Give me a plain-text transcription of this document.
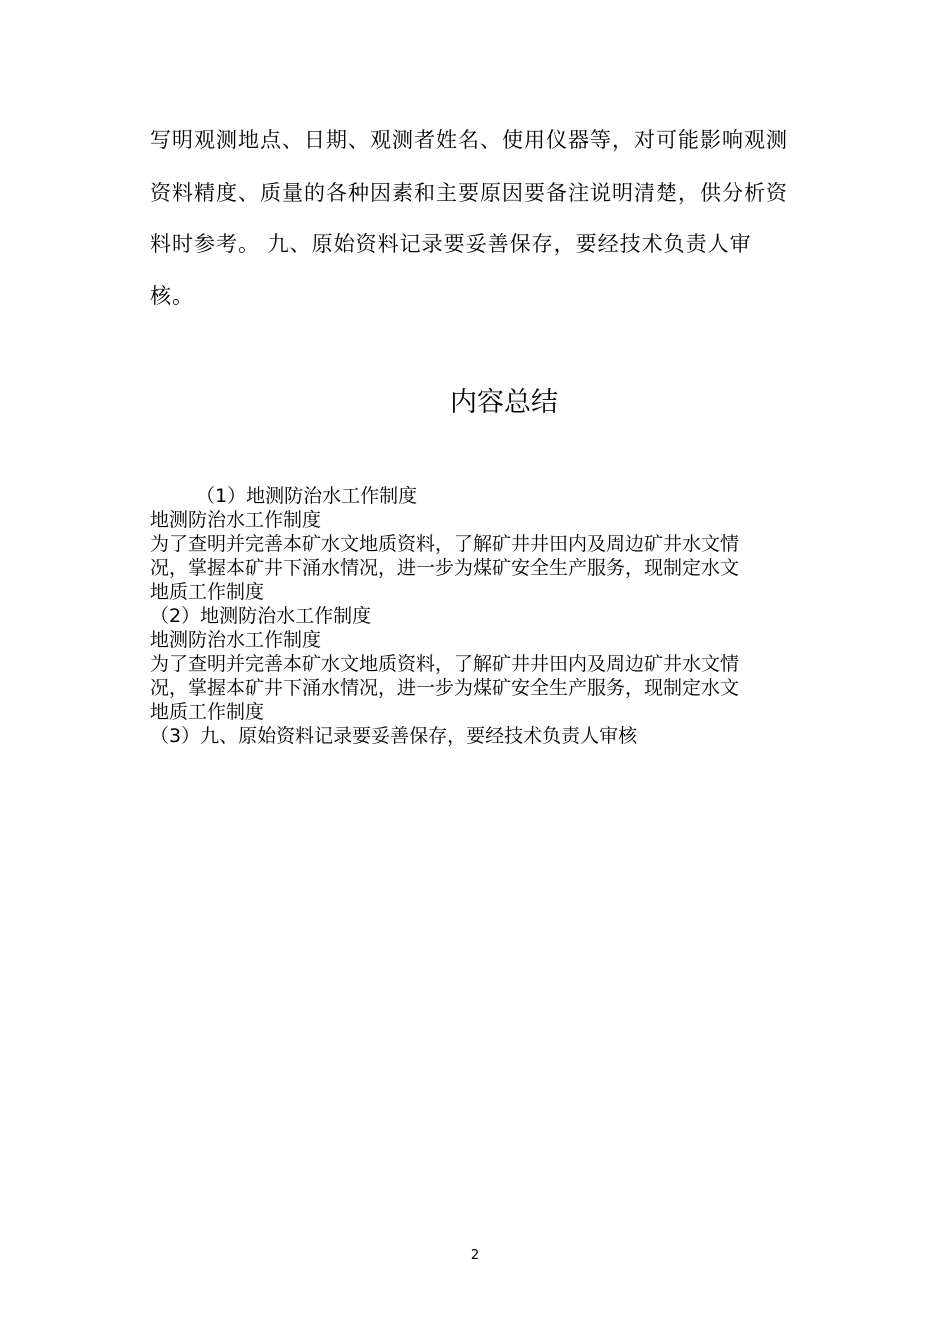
写明观测地点、日期、观测者姓名、使用仪器等，对可能影响观测
资料精度、质量的各种因素和主要原因要备注说明清楚，供分析资
料时参考。 九、原始资料记录要妥善保存，要经技术负责人审
核。
内容总结
（1）地测防治水工作制度
地测防治水工作制度
为了查明并完善本矿水文地质资料，了解矿井井田内及周边矿井水文情
况，掌握本矿井下涌水情况，进一步为煤矿安全生产服务，现制定水文
地质工作制度
（2）地测防治水工作制度
地测防治水工作制度
为了查明并完善本矿水文地质资料，了解矿井井田内及周边矿井水文情
况，掌握本矿井下涌水情况，进一步为煤矿安全生产服务，现制定水文
地质工作制度
（3）九、原始资料记录要妥善保存，要经技术负责人审核
2
